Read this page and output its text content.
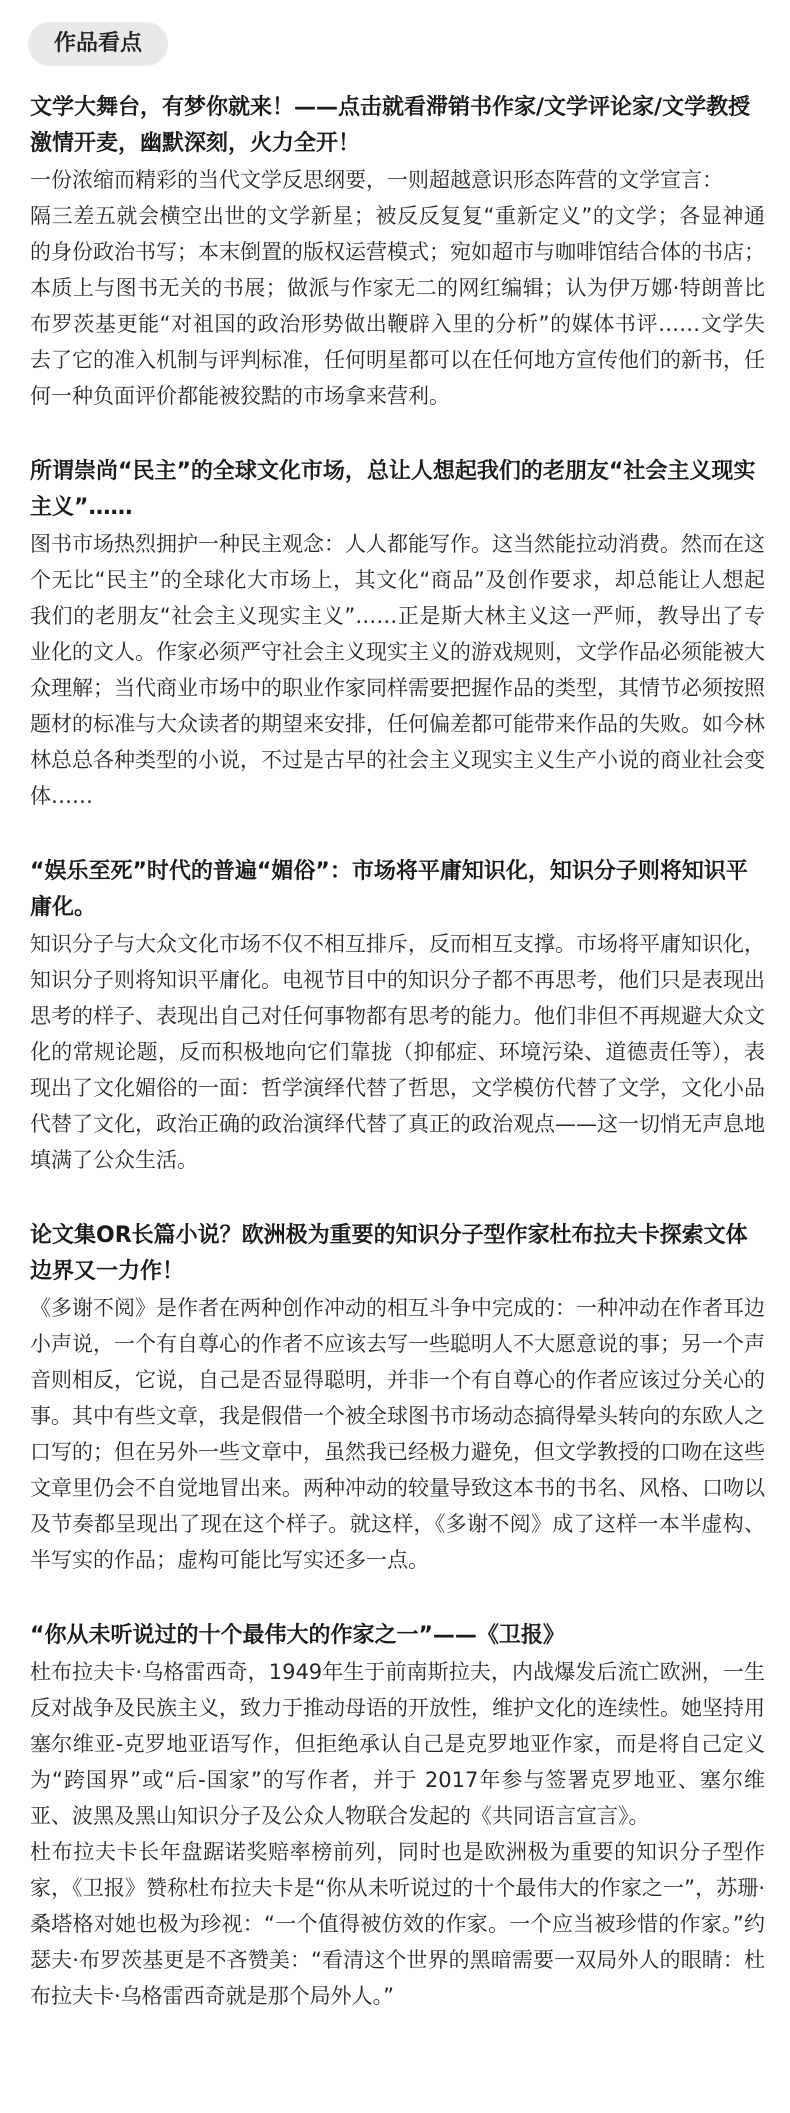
作品看点

文学大舞台，有梦你就来！——点击就看滞销书作家/文学评论家/文学教授激情开麦，幽默深刻，火力全开！

一份浓缩而精彩的当代文学反思纲要，一则超越意识形态阵营的文学宣言：

隔三差五就会横空出世的文学新星；被反反复复“重新定义”的文学；各显神通的身份政治书写；本末倒置的版权运营模式；宛如超市与咖啡馆结合体的书店；本质上与图书无关的书展；做派与作家无二的网红编辑；认为伊万娜·特朗普比布罗茨基更能“对祖国的政治形势做出鞭辟入里的分析”的媒体书评……文学失去了它的准入机制与评判标准，任何明星都可以在任何地方宣传他们的新书，任何一种负面评价都能被狡黠的市场拿来营利。

所谓崇尚“民主”的全球文化市场，总让人想起我们的老朋友“社会主义现实主义”……

图书市场热烈拥护一种民主观念：人人都能写作。这当然能拉动消费。然而在这个无比“民主”的全球化大市场上，其文化“商品”及创作要求，却总能让人想起我们的老朋友“社会主义现实主义”……正是斯大林主义这一严师，教导出了专业化的文人。作家必须严守社会主义现实主义的游戏规则，文学作品必须能被大众理解；当代商业市场中的职业作家同样需要把握作品的类型，其情节必须按照题材的标准与大众读者的期望来安排，任何偏差都可能带来作品的失败。如今林林总总各种类型的小说，不过是古早的社会主义现实主义生产小说的商业社会变体……

“娱乐至死”时代的普遍“媚俗”：市场将平庸知识化，知识分子则将知识平庸化。

知识分子与大众文化市场不仅不相互排斥，反而相互支撑。市场将平庸知识化，知识分子则将知识平庸化。电视节目中的知识分子都不再思考，他们只是表现出思考的样子、表现出自己对任何事物都有思考的能力。他们非但不再规避大众文化的常规论题，反而积极地向它们靠拢（抑郁症、环境污染、道德责任等），表现出了文化媚俗的一面：哲学演绎代替了哲思，文学模仿代替了文学，文化小品代替了文化，政治正确的政治演绎代替了真正的政治观点——这一切悄无声息地填满了公众生活。

论文集OR长篇小说？欧洲极为重要的知识分子型作家杜布拉夫卡探索文体边界又一力作！

《多谢不阅》是作者在两种创作冲动的相互斗争中完成的：一种冲动在作者耳边小声说，一个有自尊心的作者不应该去写一些聪明人不大愿意说的事；另一个声音则相反，它说，自己是否显得聪明，并非一个有自尊心的作者应该过分关心的事。其中有些文章，我是假借一个被全球图书市场动态搞得晕头转向的东欧人之口写的；但在另外一些文章中，虽然我已经极力避免，但文学教授的口吻在这些文章里仍会不自觉地冒出来。两种冲动的较量导致这本书的书名、风格、口吻以及节奏都呈现出了现在这个样子。就这样，《多谢不阅》成了这样一本半虚构、半写实的作品；虚构可能比写实还多一点。

“你从未听说过的十个最伟大的作家之一”——《卫报》

杜布拉夫卡·乌格雷西奇，1949年生于前南斯拉夫，内战爆发后流亡欧洲，一生反对战争及民族主义，致力于推动母语的开放性，维护文化的连续性。她坚持用塞尔维亚-克罗地亚语写作，但拒绝承认自己是克罗地亚作家，而是将自己定义为“跨国界”或“后-国家”的写作者，并于 2017年参与签署克罗地亚、塞尔维亚、波黑及黑山知识分子及公众人物联合发起的《共同语言宣言》。

杜布拉夫卡长年盘踞诺奖赔率榜前列，同时也是欧洲极为重要的知识分子型作家，《卫报》赞称杜布拉夫卡是“你从未听说过的十个最伟大的作家之一”，苏珊·桑塔格对她也极为珍视：“一个值得被仿效的作家。一个应当被珍惜的作家。”约瑟夫·布罗茨基更是不吝赞美：“看清这个世界的黑暗需要一双局外人的眼睛：杜布拉夫卡·乌格雷西奇就是那个局外人。”
